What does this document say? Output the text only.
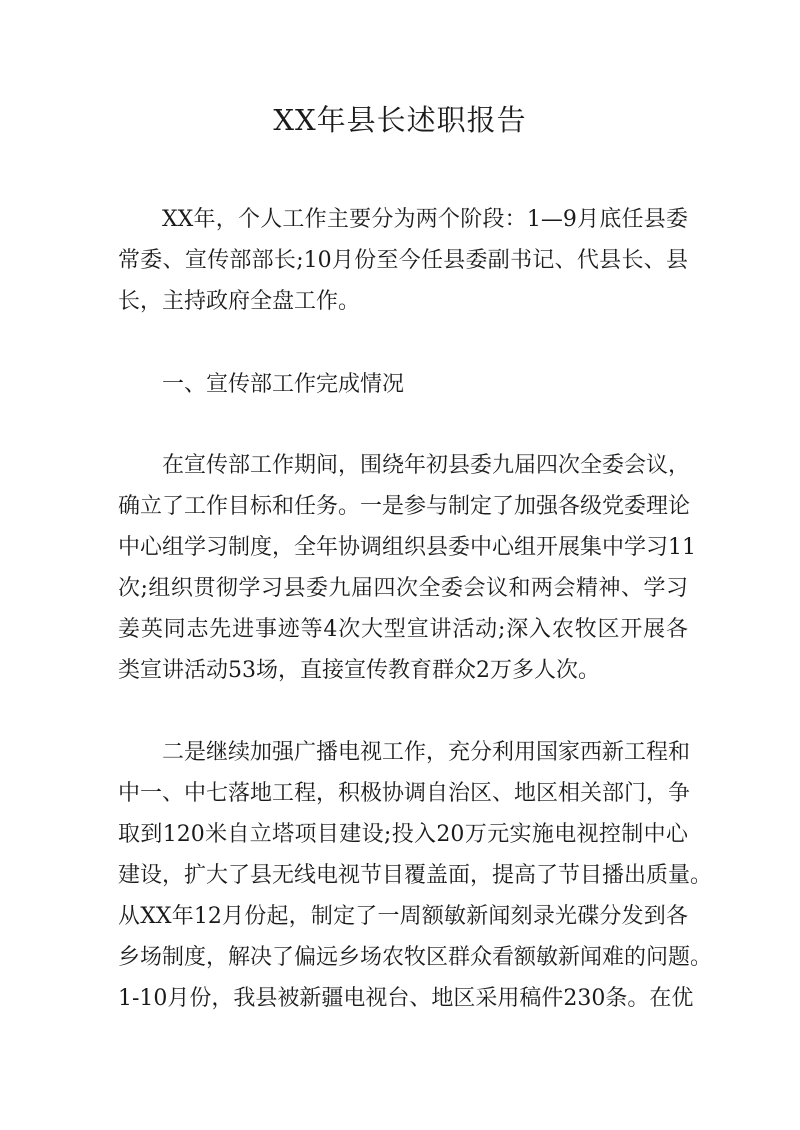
XX年县长述职报告
XX年，个人工作主要分为两个阶段：1—9月底任县委
常委、宣传部部长;10月份至今任县委副书记、代县长、县
长，主持政府全盘工作。
一、宣传部工作完成情况
在宣传部工作期间，围绕年初县委九届四次全委会议，
确立了工作目标和任务。一是参与制定了加强各级党委理论
中心组学习制度，全年协调组织县委中心组开展集中学习11
次;组织贯彻学习县委九届四次全委会议和两会精神、学习
姜英同志先进事迹等4次大型宣讲活动;深入农牧区开展各
类宣讲活动53场，直接宣传教育群众2万多人次。
二是继续加强广播电视工作，充分利用国家西新工程和
中一、中七落地工程，积极协调自治区、地区相关部门，争
取到120米自立塔项目建设;投入20万元实施电视控制中心
建设，扩大了县无线电视节目覆盖面，提高了节目播出质量。
从XX年12月份起，制定了一周额敏新闻刻录光碟分发到各
乡场制度，解决了偏远乡场农牧区群众看额敏新闻难的问题。
1-10月份，我县被新疆电视台、地区采用稿件230条。在优
